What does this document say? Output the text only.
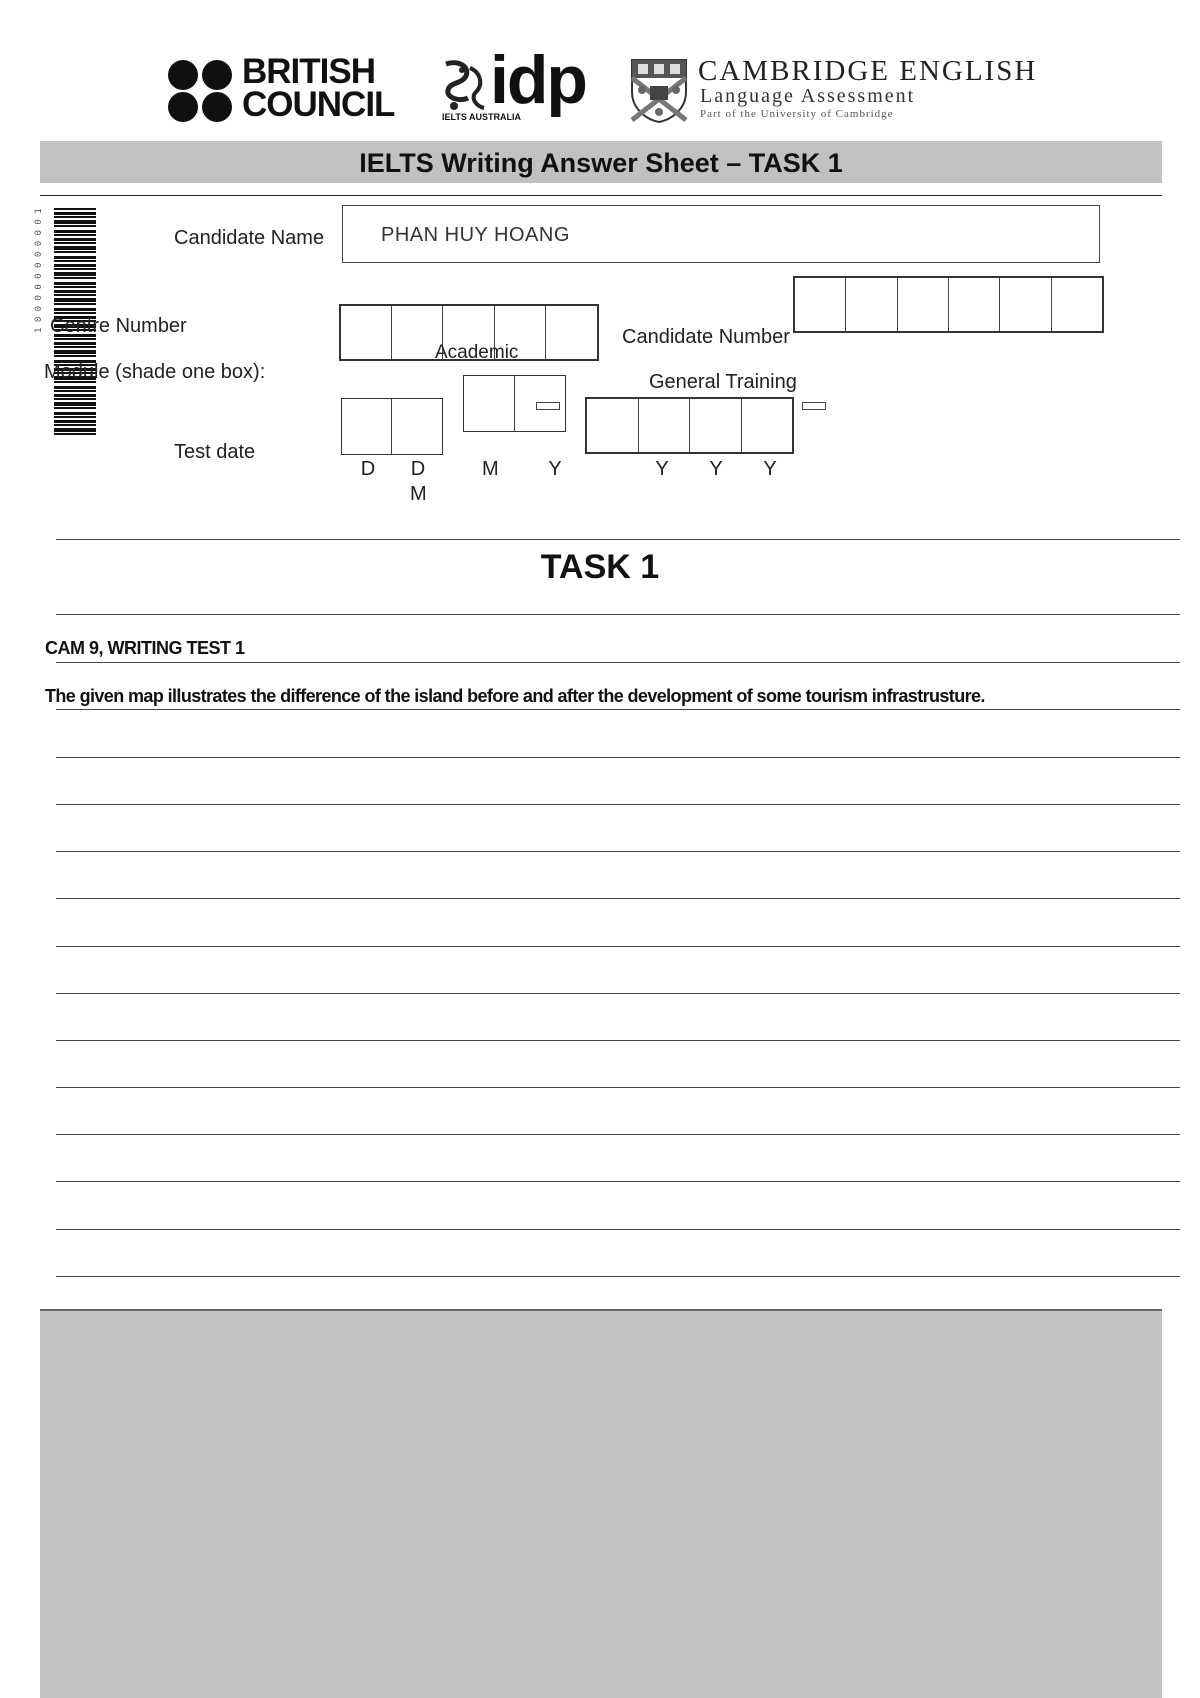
BRITISH
COUNCIL idp
IELTS AUSTRALIA
CAMBRIDGE ENGLISH
Language Assessment
Part of the University of Cambridge
IELTS Writing Answer Sheet – TASK 1
1 0 0 0 0 0 0 0 0 0 0 1	Candidate Name	PHAN HUY HOANG
Centre Number	Candidate Number
Module (shade one box):
Academic
General Training
Test date
D D
M
M Y	Y Y Y
TASK 1
CAM 9, WRITING TEST 1
The given map illustrates the difference of the island before and after the development of some tourism infrastrusture.
